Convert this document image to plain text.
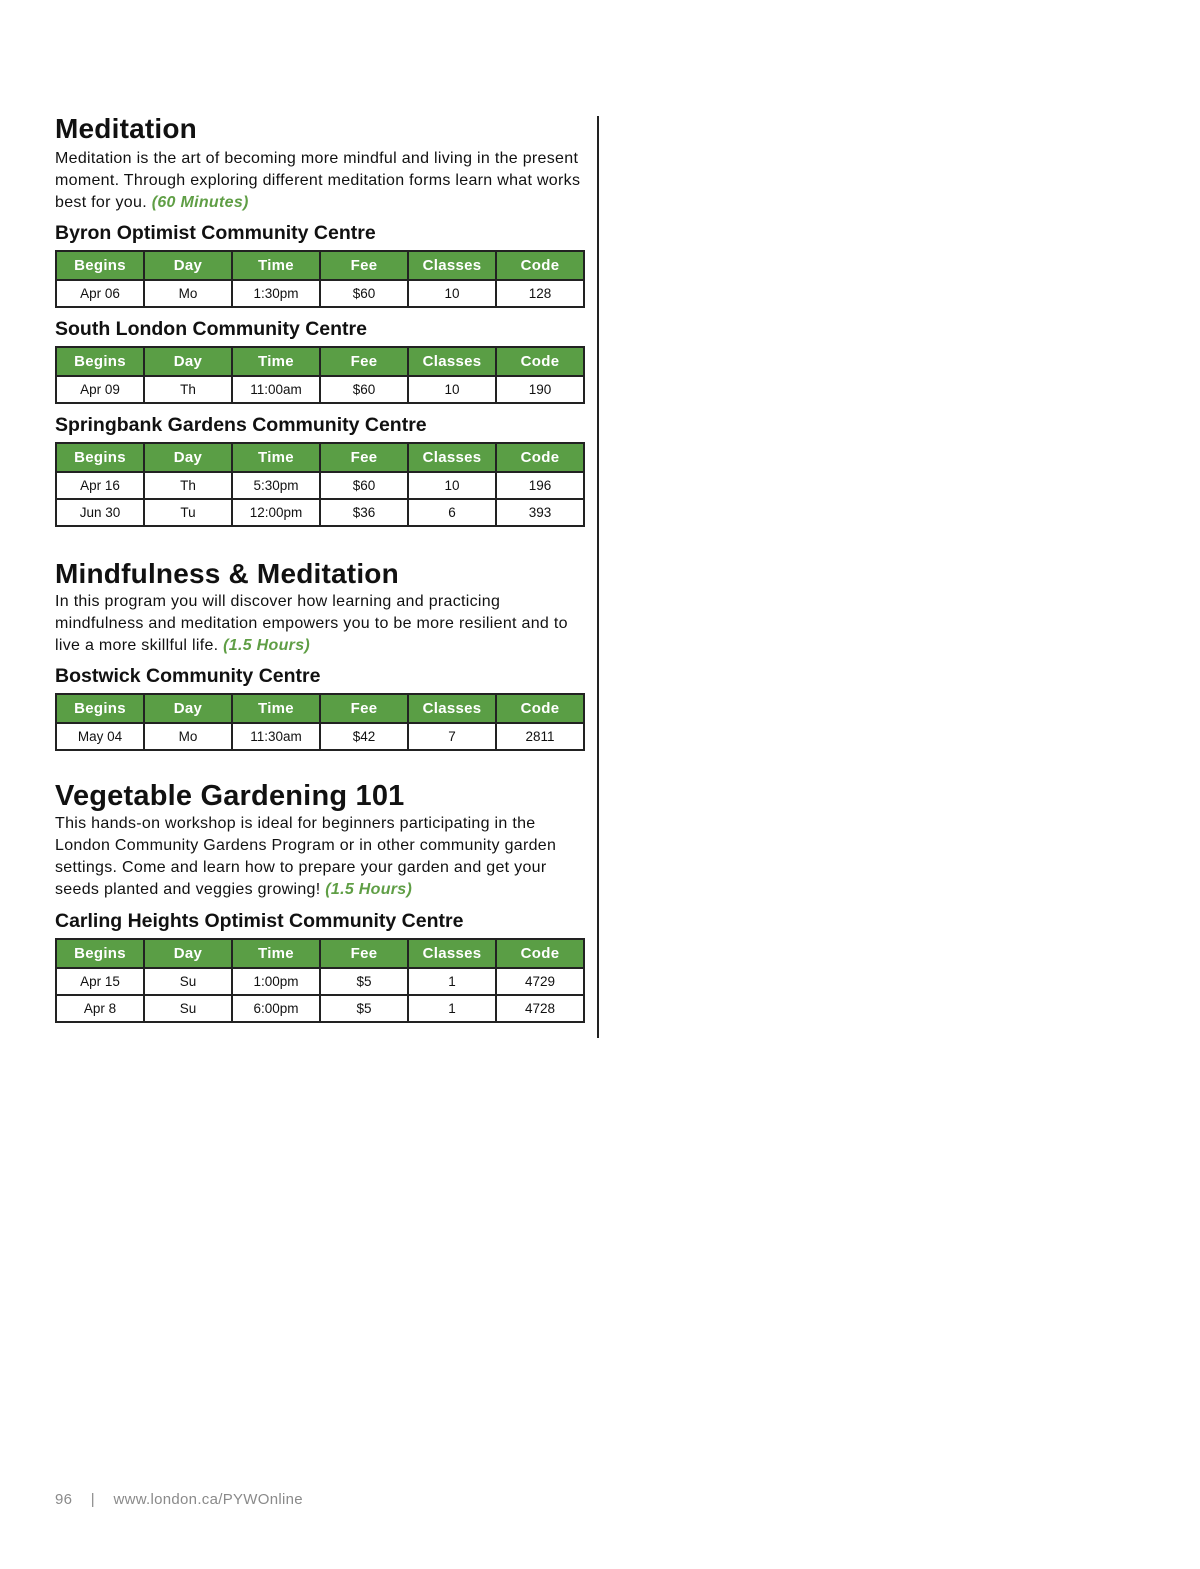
Meditation

Meditation is the art of becoming more mindful and living in the present moment. Through exploring different meditation forms learn what works best for you. (60 Minutes)

Byron Optimist Community Centre
Begins	Day	Time	Fee	Classes	Code
Apr 06	Mo	1:30pm	$60	10	128
South London Community Centre
Begins	Day	Time	Fee	Classes	Code
Apr 09	Th	11:00am	$60	10	190
Springbank Gardens Community Centre
Begins	Day	Time	Fee	Classes	Code
Apr 16	Th	5:30pm	$60	10	196
Jun 30	Tu	12:00pm	$36	6	393
Mindfulness & Meditation

In this program you will discover how learning and practicing mindfulness and meditation empowers you to be more resilient and to live a more skillful life. (1.5 Hours)

Bostwick Community Centre
Begins	Day	Time	Fee	Classes	Code
May 04	Mo	11:30am	$42	7	2811
Vegetable Gardening 101

This hands-on workshop is ideal for beginners participating in the London Community Gardens Program or in other community garden settings. Come and learn how to prepare your garden and get your seeds planted and veggies growing! (1.5 Hours)

Carling Heights Optimist Community Centre
Begins	Day	Time	Fee	Classes	Code
Apr 15	Su	1:00pm	$5	1	4729
Apr 8	Su	6:00pm	$5	1	4728
96 | www.london.ca/PYWOnline
